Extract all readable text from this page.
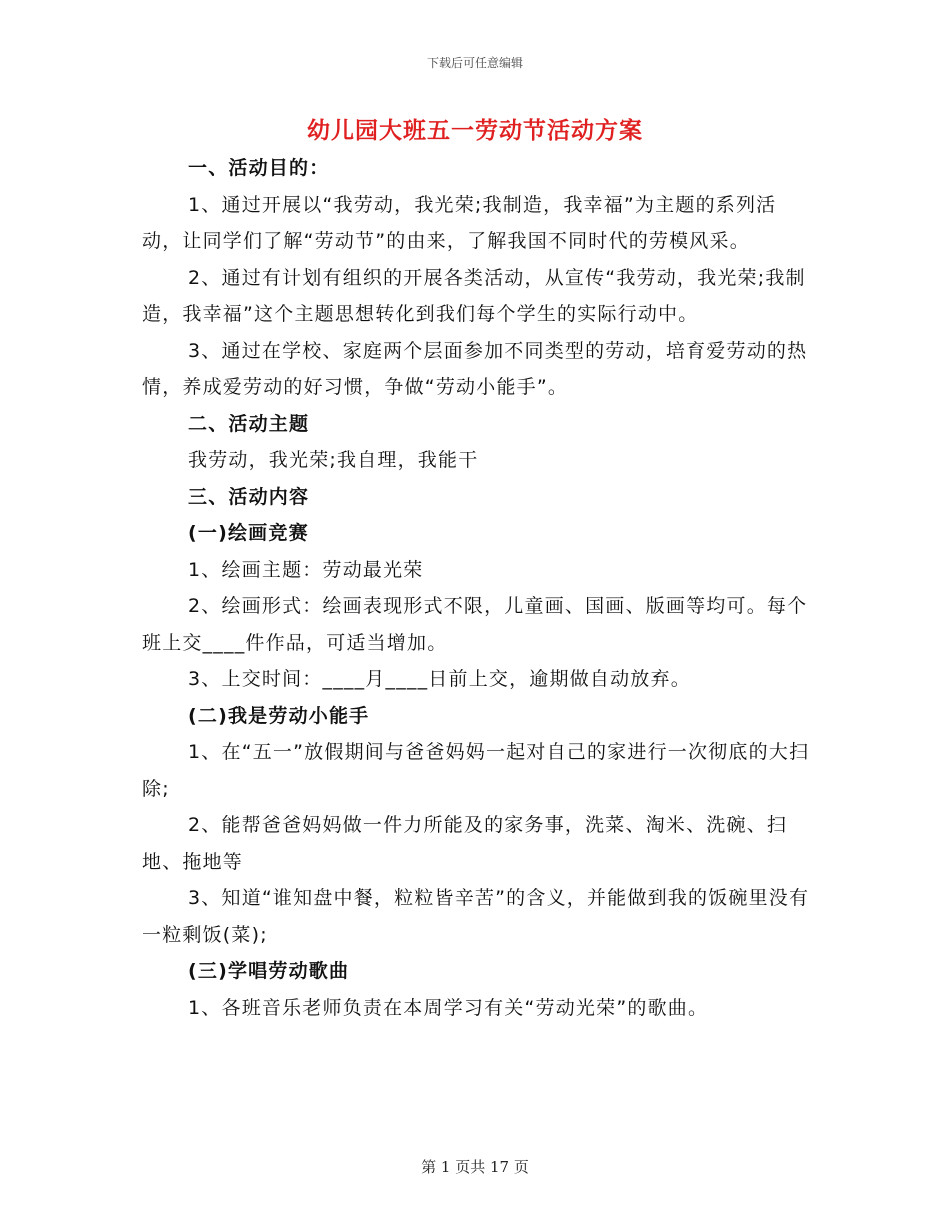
下载后可任意编辑
幼儿园大班五一劳动节活动方案

一、活动目的：

1、通过开展以“我劳动，我光荣;我制造，我幸福”为主题的系列活动，让同学们了解“劳动节”的由来，了解我国不同时代的劳模风采。

2、通过有计划有组织的开展各类活动，从宣传“我劳动，我光荣;我制造，我幸福”这个主题思想转化到我们每个学生的实际行动中。

3、通过在学校、家庭两个层面参加不同类型的劳动，培育爱劳动的热情，养成爱劳动的好习惯，争做“劳动小能手”。

二、活动主题

我劳动，我光荣;我自理，我能干

三、活动内容

(一)绘画竞赛

1、绘画主题：劳动最光荣

2、绘画形式：绘画表现形式不限，儿童画、国画、版画等均可。每个班上交____件作品，可适当增加。

3、上交时间：____月____日前上交，逾期做自动放弃。

(二)我是劳动小能手

1、在“五一”放假期间与爸爸妈妈一起对自己的家进行一次彻底的大扫除;

2、能帮爸爸妈妈做一件力所能及的家务事，洗菜、淘米、洗碗、扫地、拖地等

3、知道“谁知盘中餐，粒粒皆辛苦”的含义，并能做到我的饭碗里没有一粒剩饭(菜);

(三)学唱劳动歌曲

1、各班音乐老师负责在本周学习有关“劳动光荣”的歌曲。

第 1 页共 17 页
